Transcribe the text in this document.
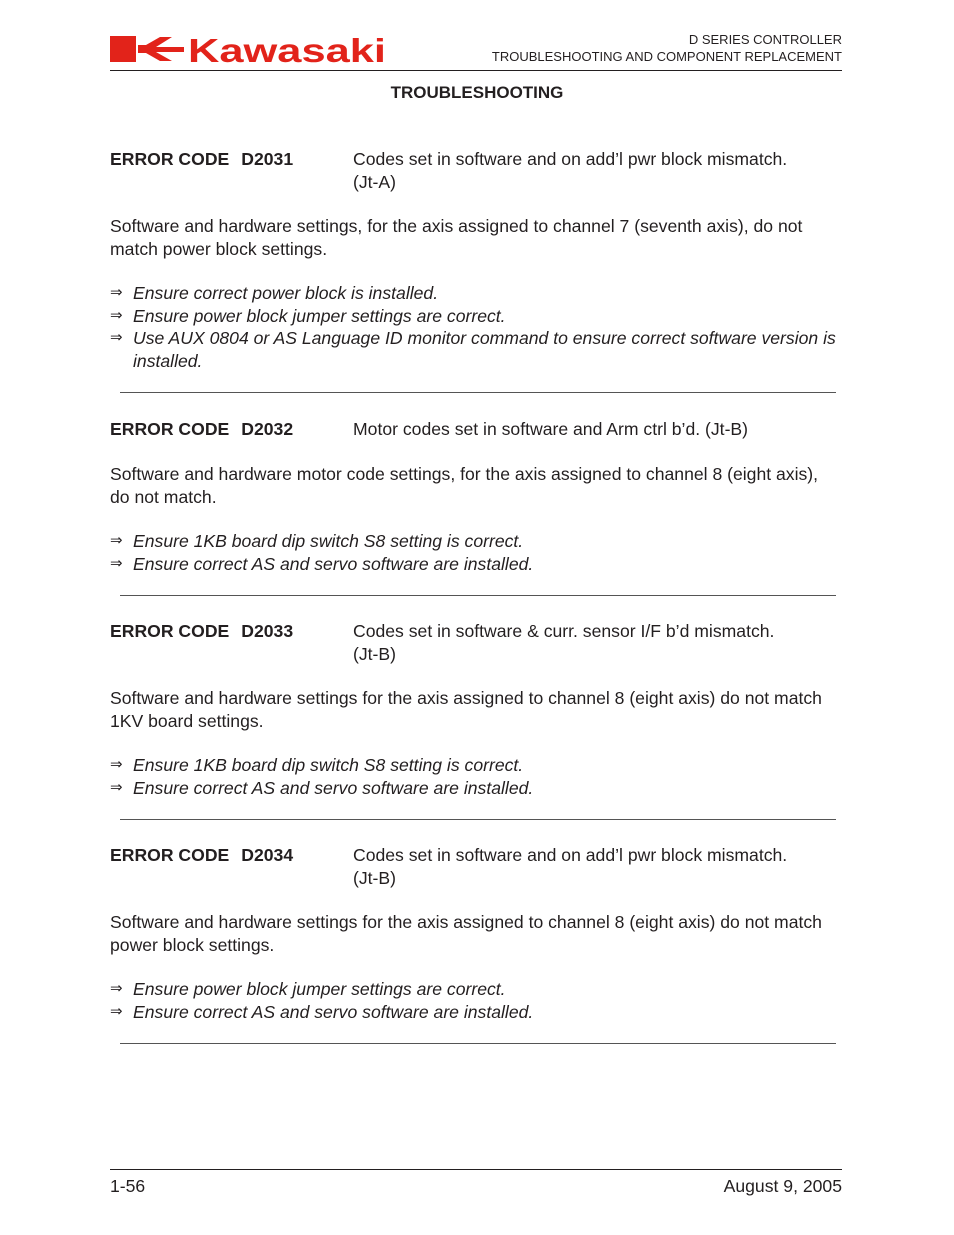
Kawasaki	D SERIES CONTROLLER
TROUBLESHOOTING AND COMPONENT REPLACEMENT
TROUBLESHOOTING
ERROR CODE D2031	Codes set in software and on add’l pwr block mismatch.
(Jt-A)
Software and hardware settings, for the axis assigned to channel 7 (seventh axis), do not match power block settings.
⇒ Ensure correct power block is installed.
⇒ Ensure power block jumper settings are correct.
⇒ Use AUX 0804 or AS Language ID monitor command to ensure correct software version is installed.
ERROR CODE D2032	Motor codes set in software and Arm ctrl b’d. (Jt-B)
Software and hardware motor code settings, for the axis assigned to channel 8 (eight axis), do not match.
⇒ Ensure 1KB board dip switch S8 setting is correct.
⇒ Ensure correct AS and servo software are installed.
ERROR CODE D2033	Codes set in software & curr. sensor I/F b’d mismatch.
(Jt-B)
Software and hardware settings for the axis assigned to channel 8 (eight axis) do not match 1KV board settings.
⇒ Ensure 1KB board dip switch S8 setting is correct.
⇒ Ensure correct AS and servo software are installed.
ERROR CODE D2034	Codes set in software and on add’l pwr block mismatch.
(Jt-B)
Software and hardware settings for the axis assigned to channel 8 (eight axis) do not match power block settings.
⇒ Ensure power block jumper settings are correct.
⇒ Ensure correct AS and servo software are installed.
1-56	August 9, 2005
